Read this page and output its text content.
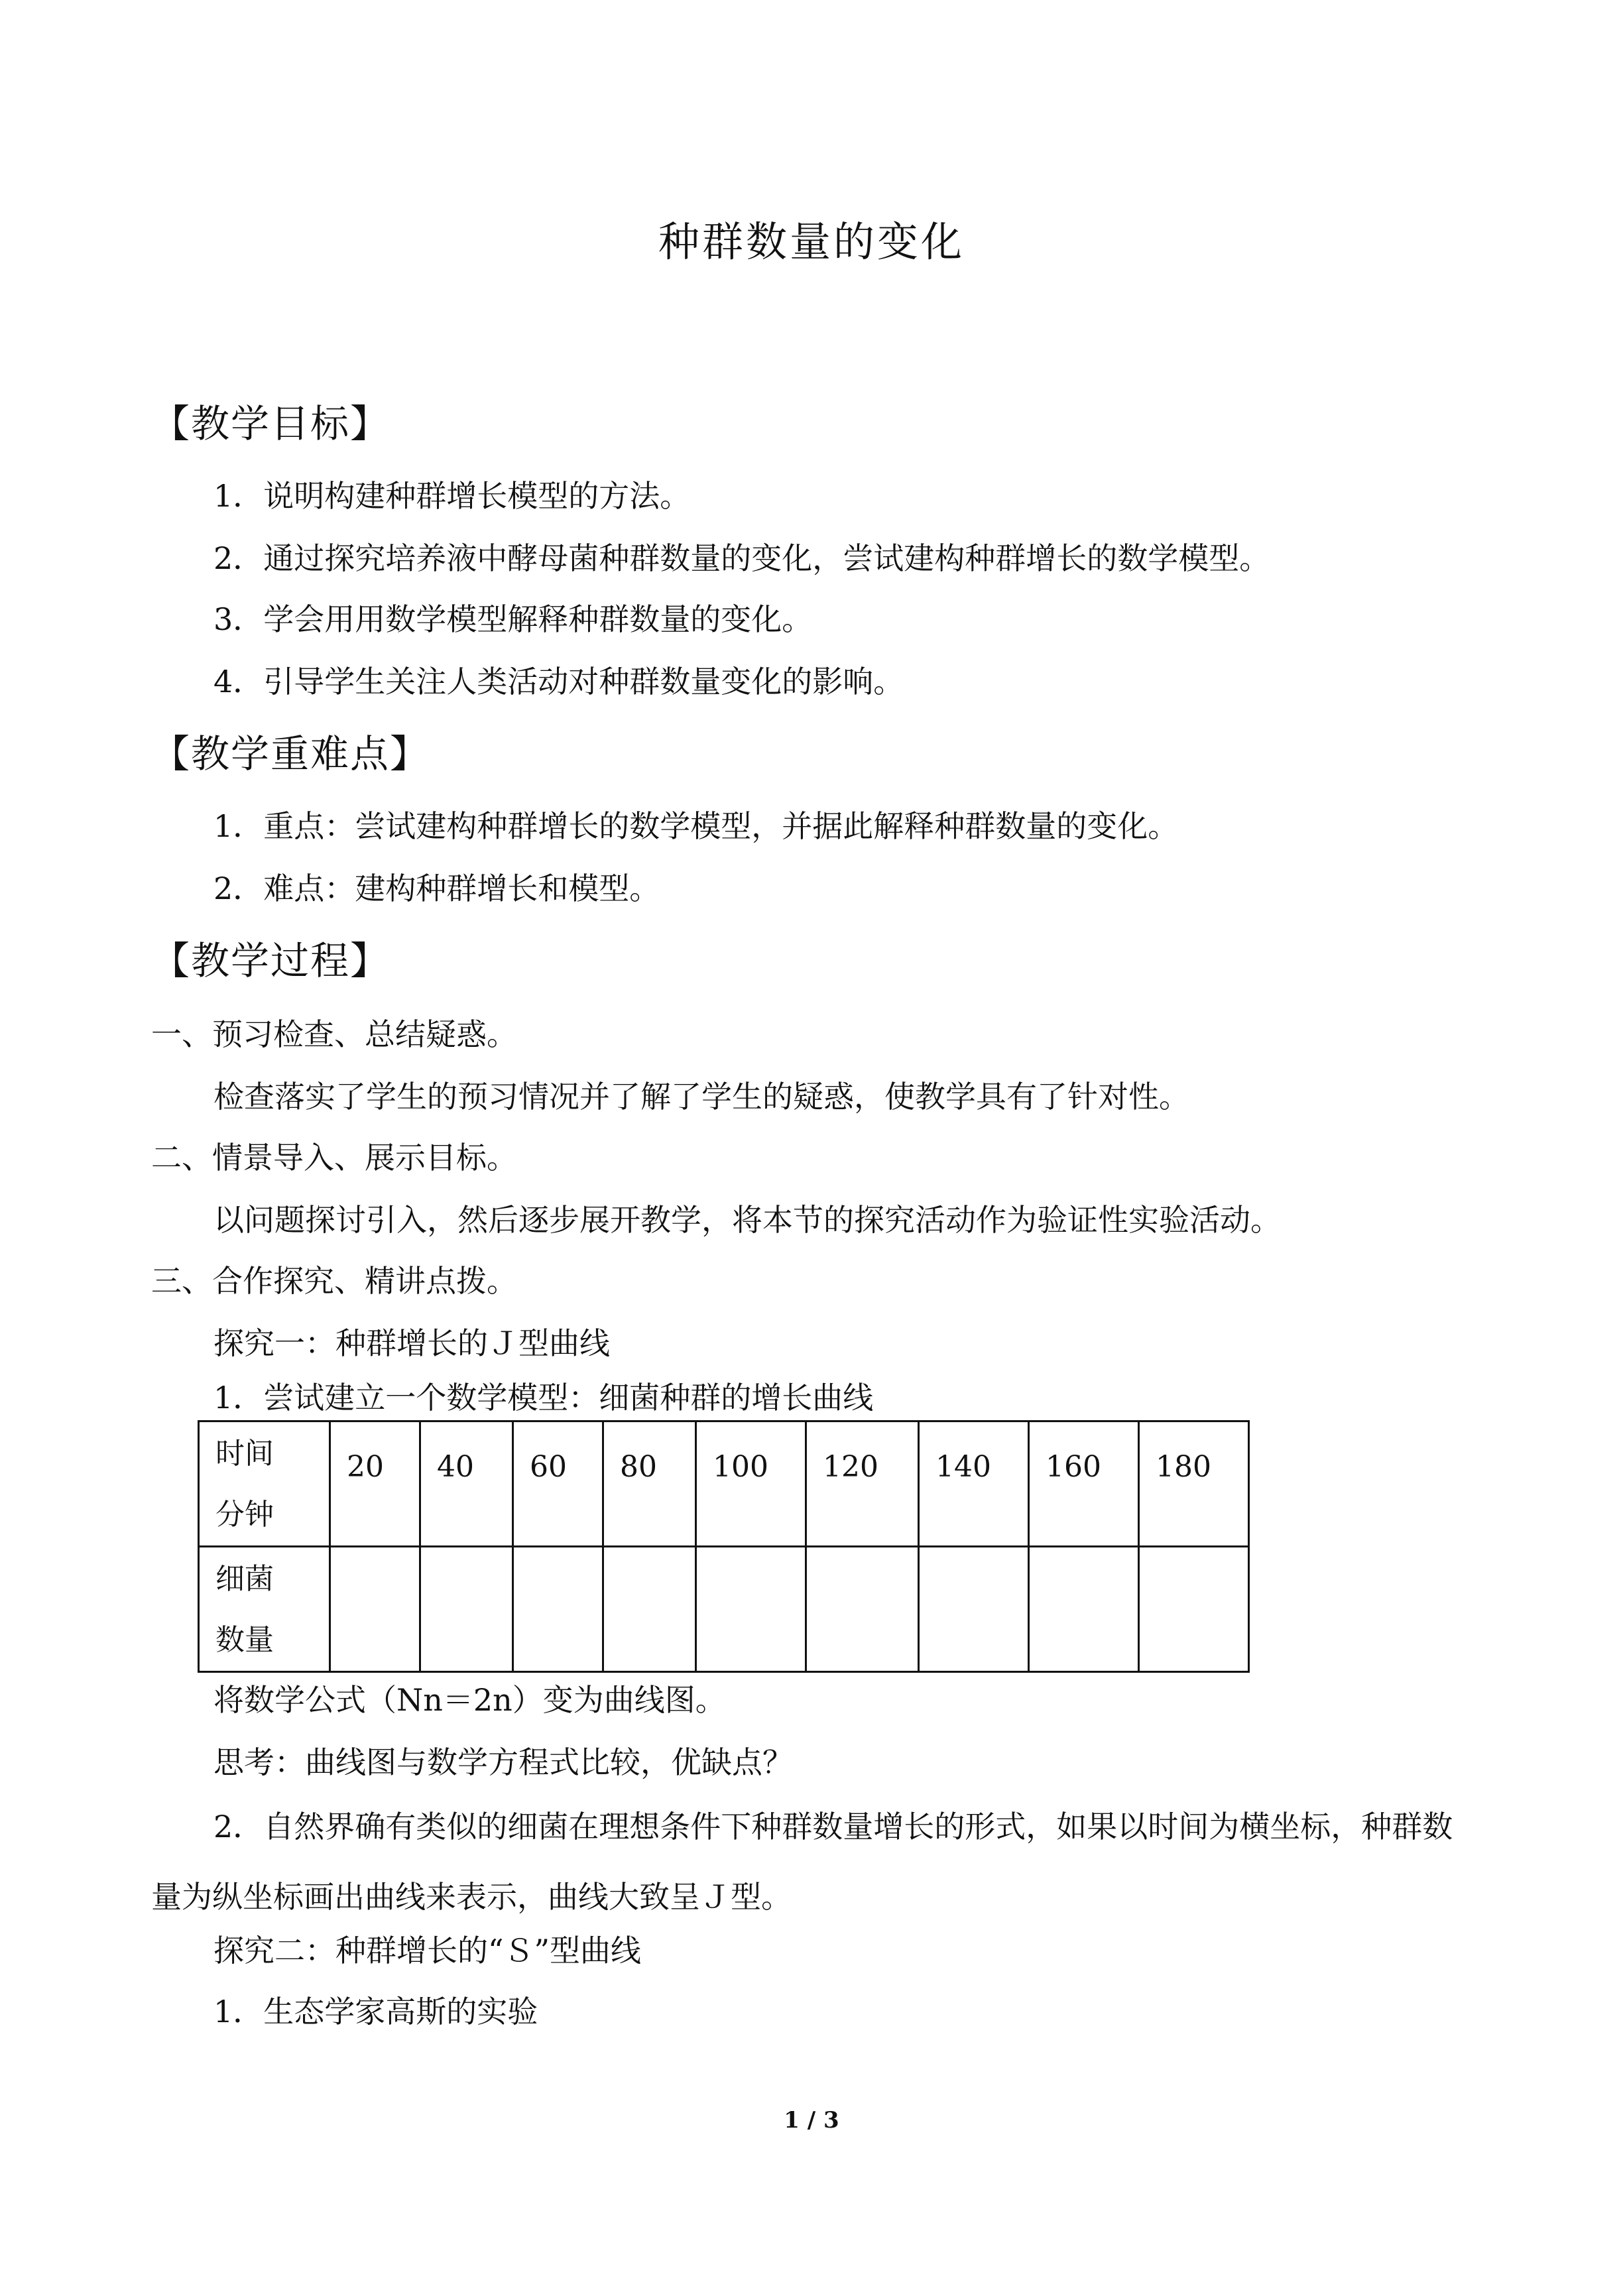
种群数量的变化
【教学目标】
1．说明构建种群增长模型的方法。
2．通过探究培养液中酵母菌种群数量的变化，尝试建构种群增长的数学模型。
3．学会用用数学模型解释种群数量的变化。
4．引导学生关注人类活动对种群数量变化的影响。
【教学重难点】
1．重点：尝试建构种群增长的数学模型，并据此解释种群数量的变化。
2．难点：建构种群增长和模型。
【教学过程】
一、预习检查、总结疑惑。
检查落实了学生的预习情况并了解了学生的疑惑，使教学具有了针对性。
二、情景导入、展示目标。
以问题探讨引入，然后逐步展开教学，将本节的探究活动作为验证性实验活动。
三、合作探究、精讲点拨。
探究一：种群增长的Ｊ型曲线
1．尝试建立一个数学模型：细菌种群的增长曲线
时间
分钟	20	40	60	80	100	120	140	160	180

细菌
数量									

将数学公式（Nn＝2n）变为曲线图。
思考：曲线图与数学方程式比较，优缺点？
2．自然界确有类似的细菌在理想条件下种群数量增长的形式，如果以时间为横坐标，种群数量为纵坐标画出曲线来表示，曲线大致呈Ｊ型。
探究二：种群增长的“Ｓ”型曲线
1．生态学家高斯的实验
1 / 3
